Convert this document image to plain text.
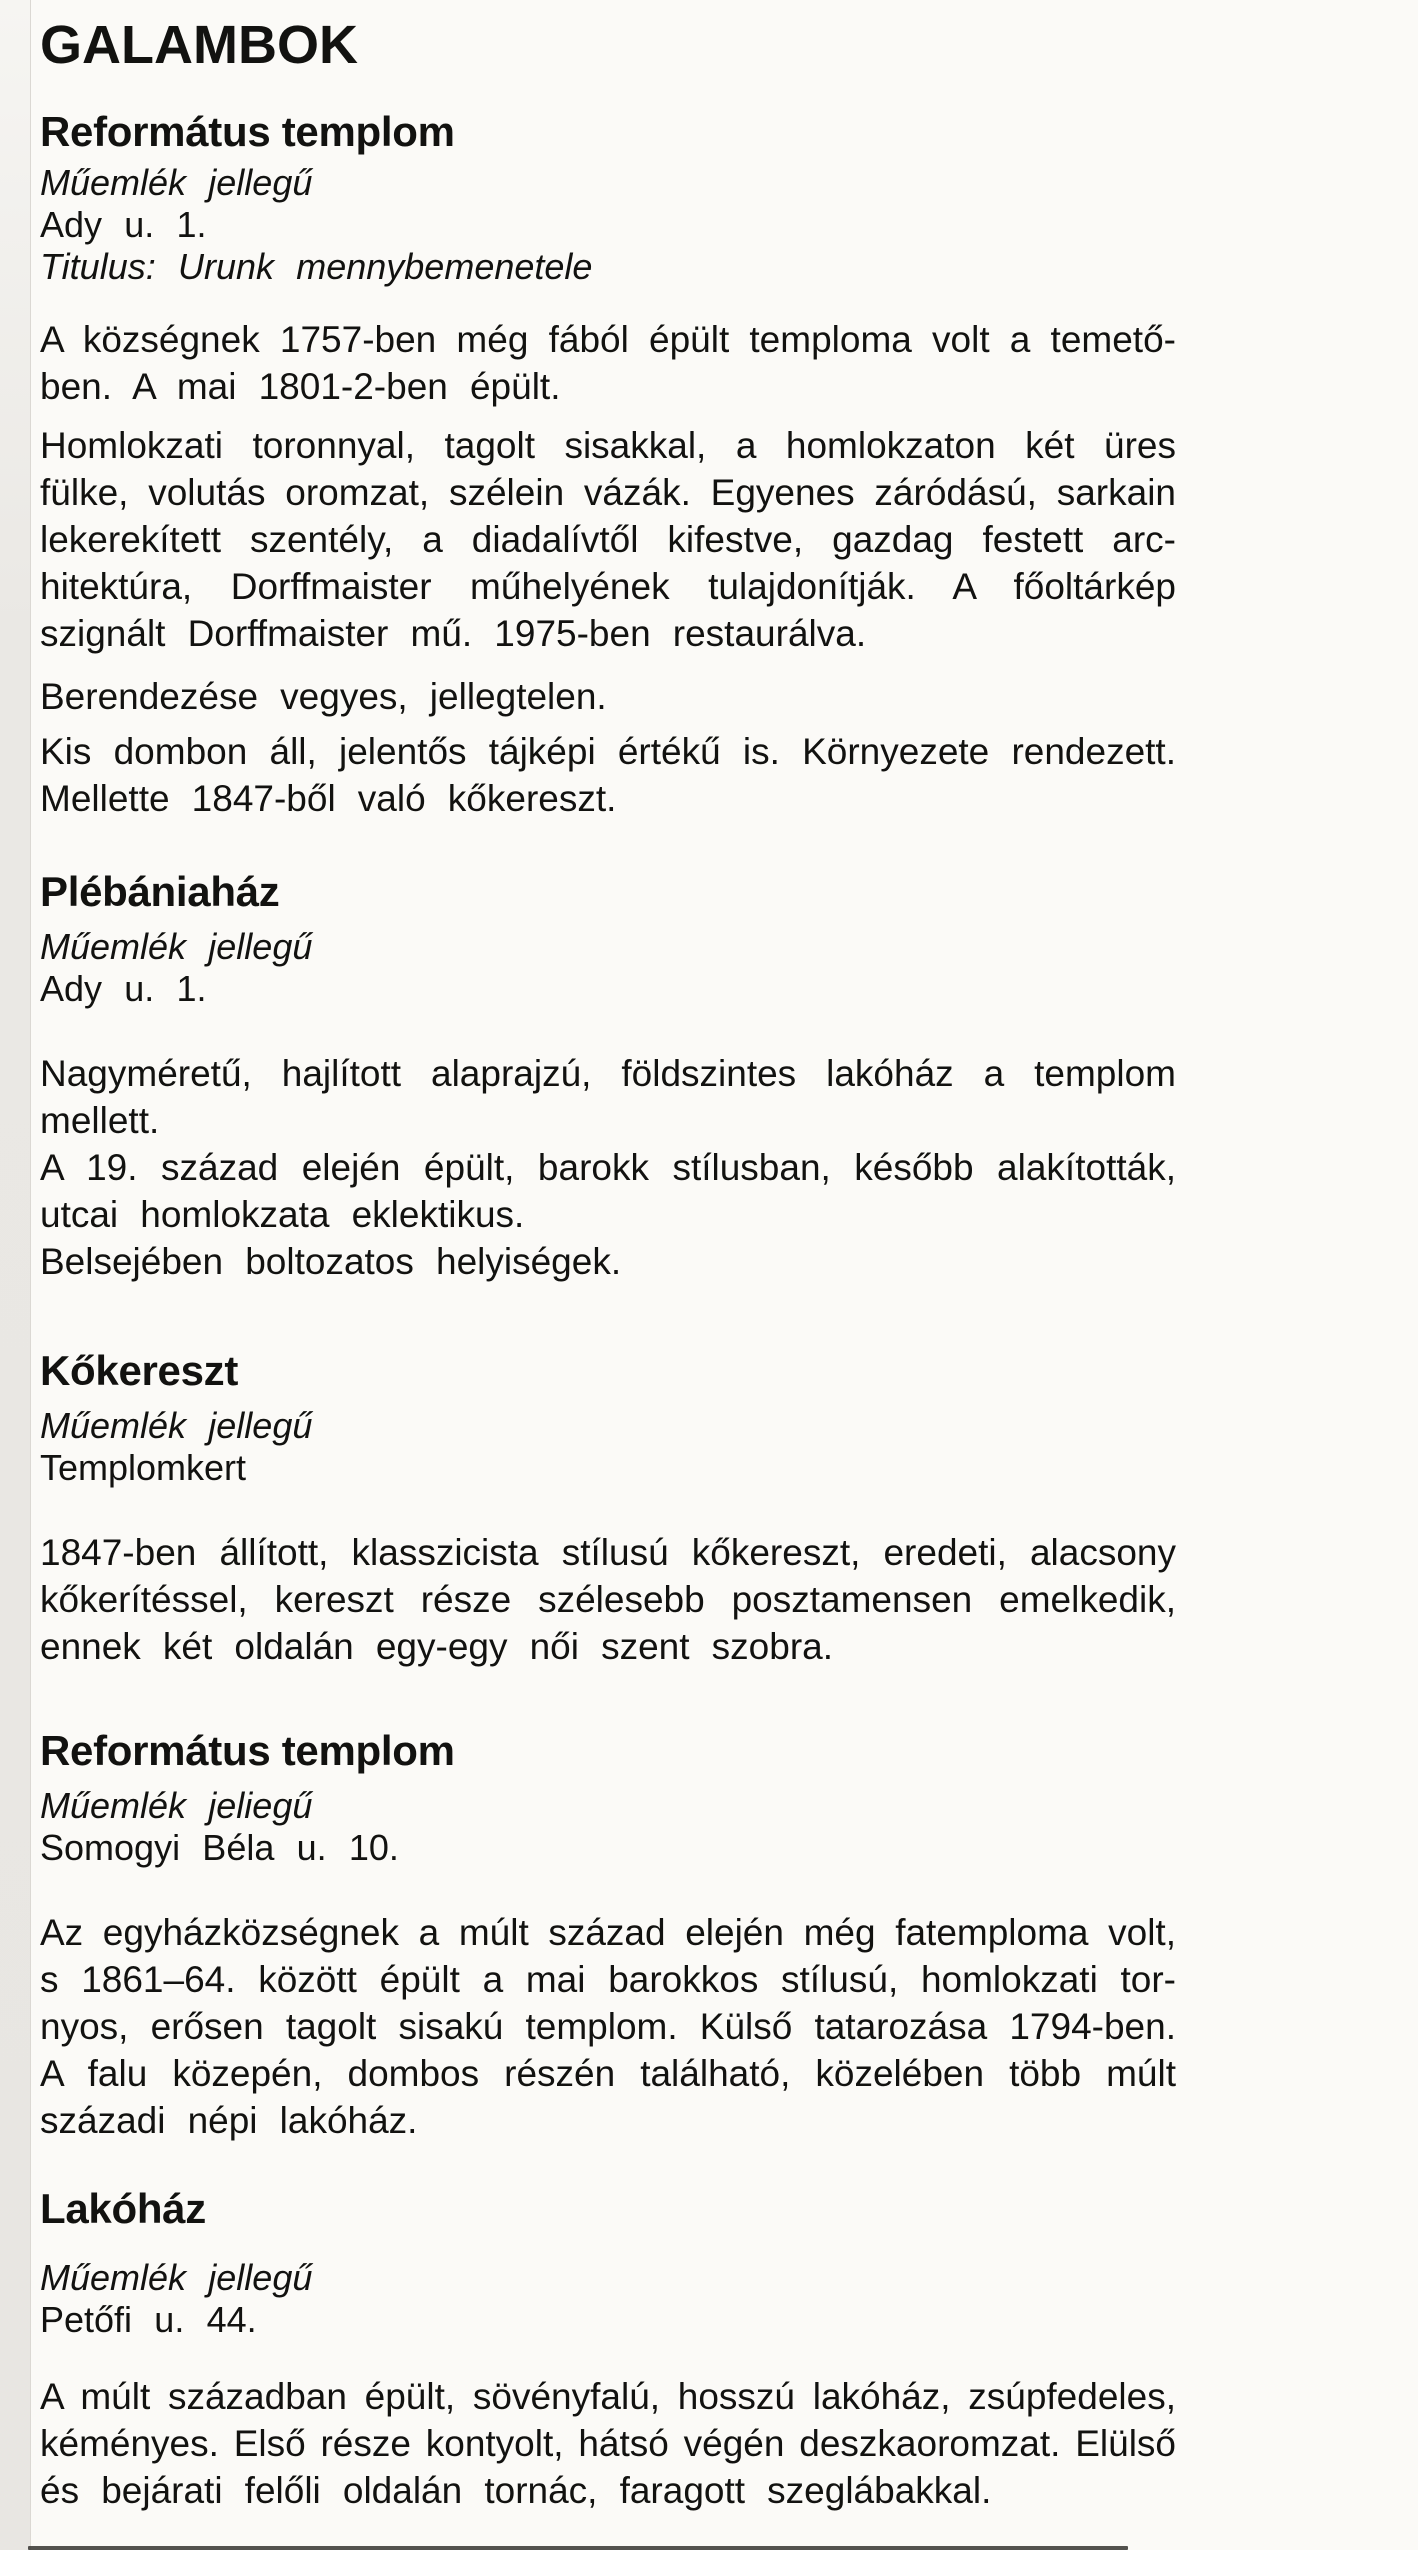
GALAMBOK
Református templom
Műemlék jellegű
Ady u. 1.
Titulus: Urunk mennybemenetele
A községnek 1757-ben még fából épült temploma volt a temető-
ben. A mai 1801-2-ben épült.
Homlokzati toronnyal, tagolt sisakkal, a homlokzaton két üres
fülke, volutás oromzat, szélein vázák. Egyenes záródású, sarkain
lekerekített szentély, a diadalívtől kifestve, gazdag festett arc-
hitektúra, Dorffmaister műhelyének tulajdonítják. A főoltárkép
szignált Dorffmaister mű. 1975-ben restaurálva.
Berendezése vegyes, jellegtelen.
Kis dombon áll, jelentős tájképi értékű is. Környezete rendezett.
Mellette 1847-ből való kőkereszt.
Plébániaház
Műemlék jellegű
Ady u. 1.
Nagyméretű, hajlított alaprajzú, földszintes lakóház a templom
mellett.
A 19. század elején épült, barokk stílusban, később alakították,
utcai homlokzata eklektikus.
Belsejében boltozatos helyiségek.
Kőkereszt
Műemlék jellegű
Templomkert
1847-ben állított, klasszicista stílusú kőkereszt, eredeti, alacsony
kőkerítéssel, kereszt része szélesebb posztamensen emelkedik,
ennek két oldalán egy-egy női szent szobra.
Református templom
Műemlék jeliegű
Somogyi Béla u. 10.
Az egyházközségnek a múlt század elején még fatemploma volt,
s 1861–64. között épült a mai barokkos stílusú, homlokzati tor-
nyos, erősen tagolt sisakú templom. Külső tatarozása 1794-ben.
A falu közepén, dombos részén található, közelében több múlt
századi népi lakóház.
Lakóház
Műemlék jellegű
Petőfi u. 44.
A múlt században épült, sövényfalú, hosszú lakóház, zsúpfedeles,
kéményes. Első része kontyolt, hátsó végén deszkaoromzat. Elülső
és bejárati felőli oldalán tornác, faragott szeglábakkal.
